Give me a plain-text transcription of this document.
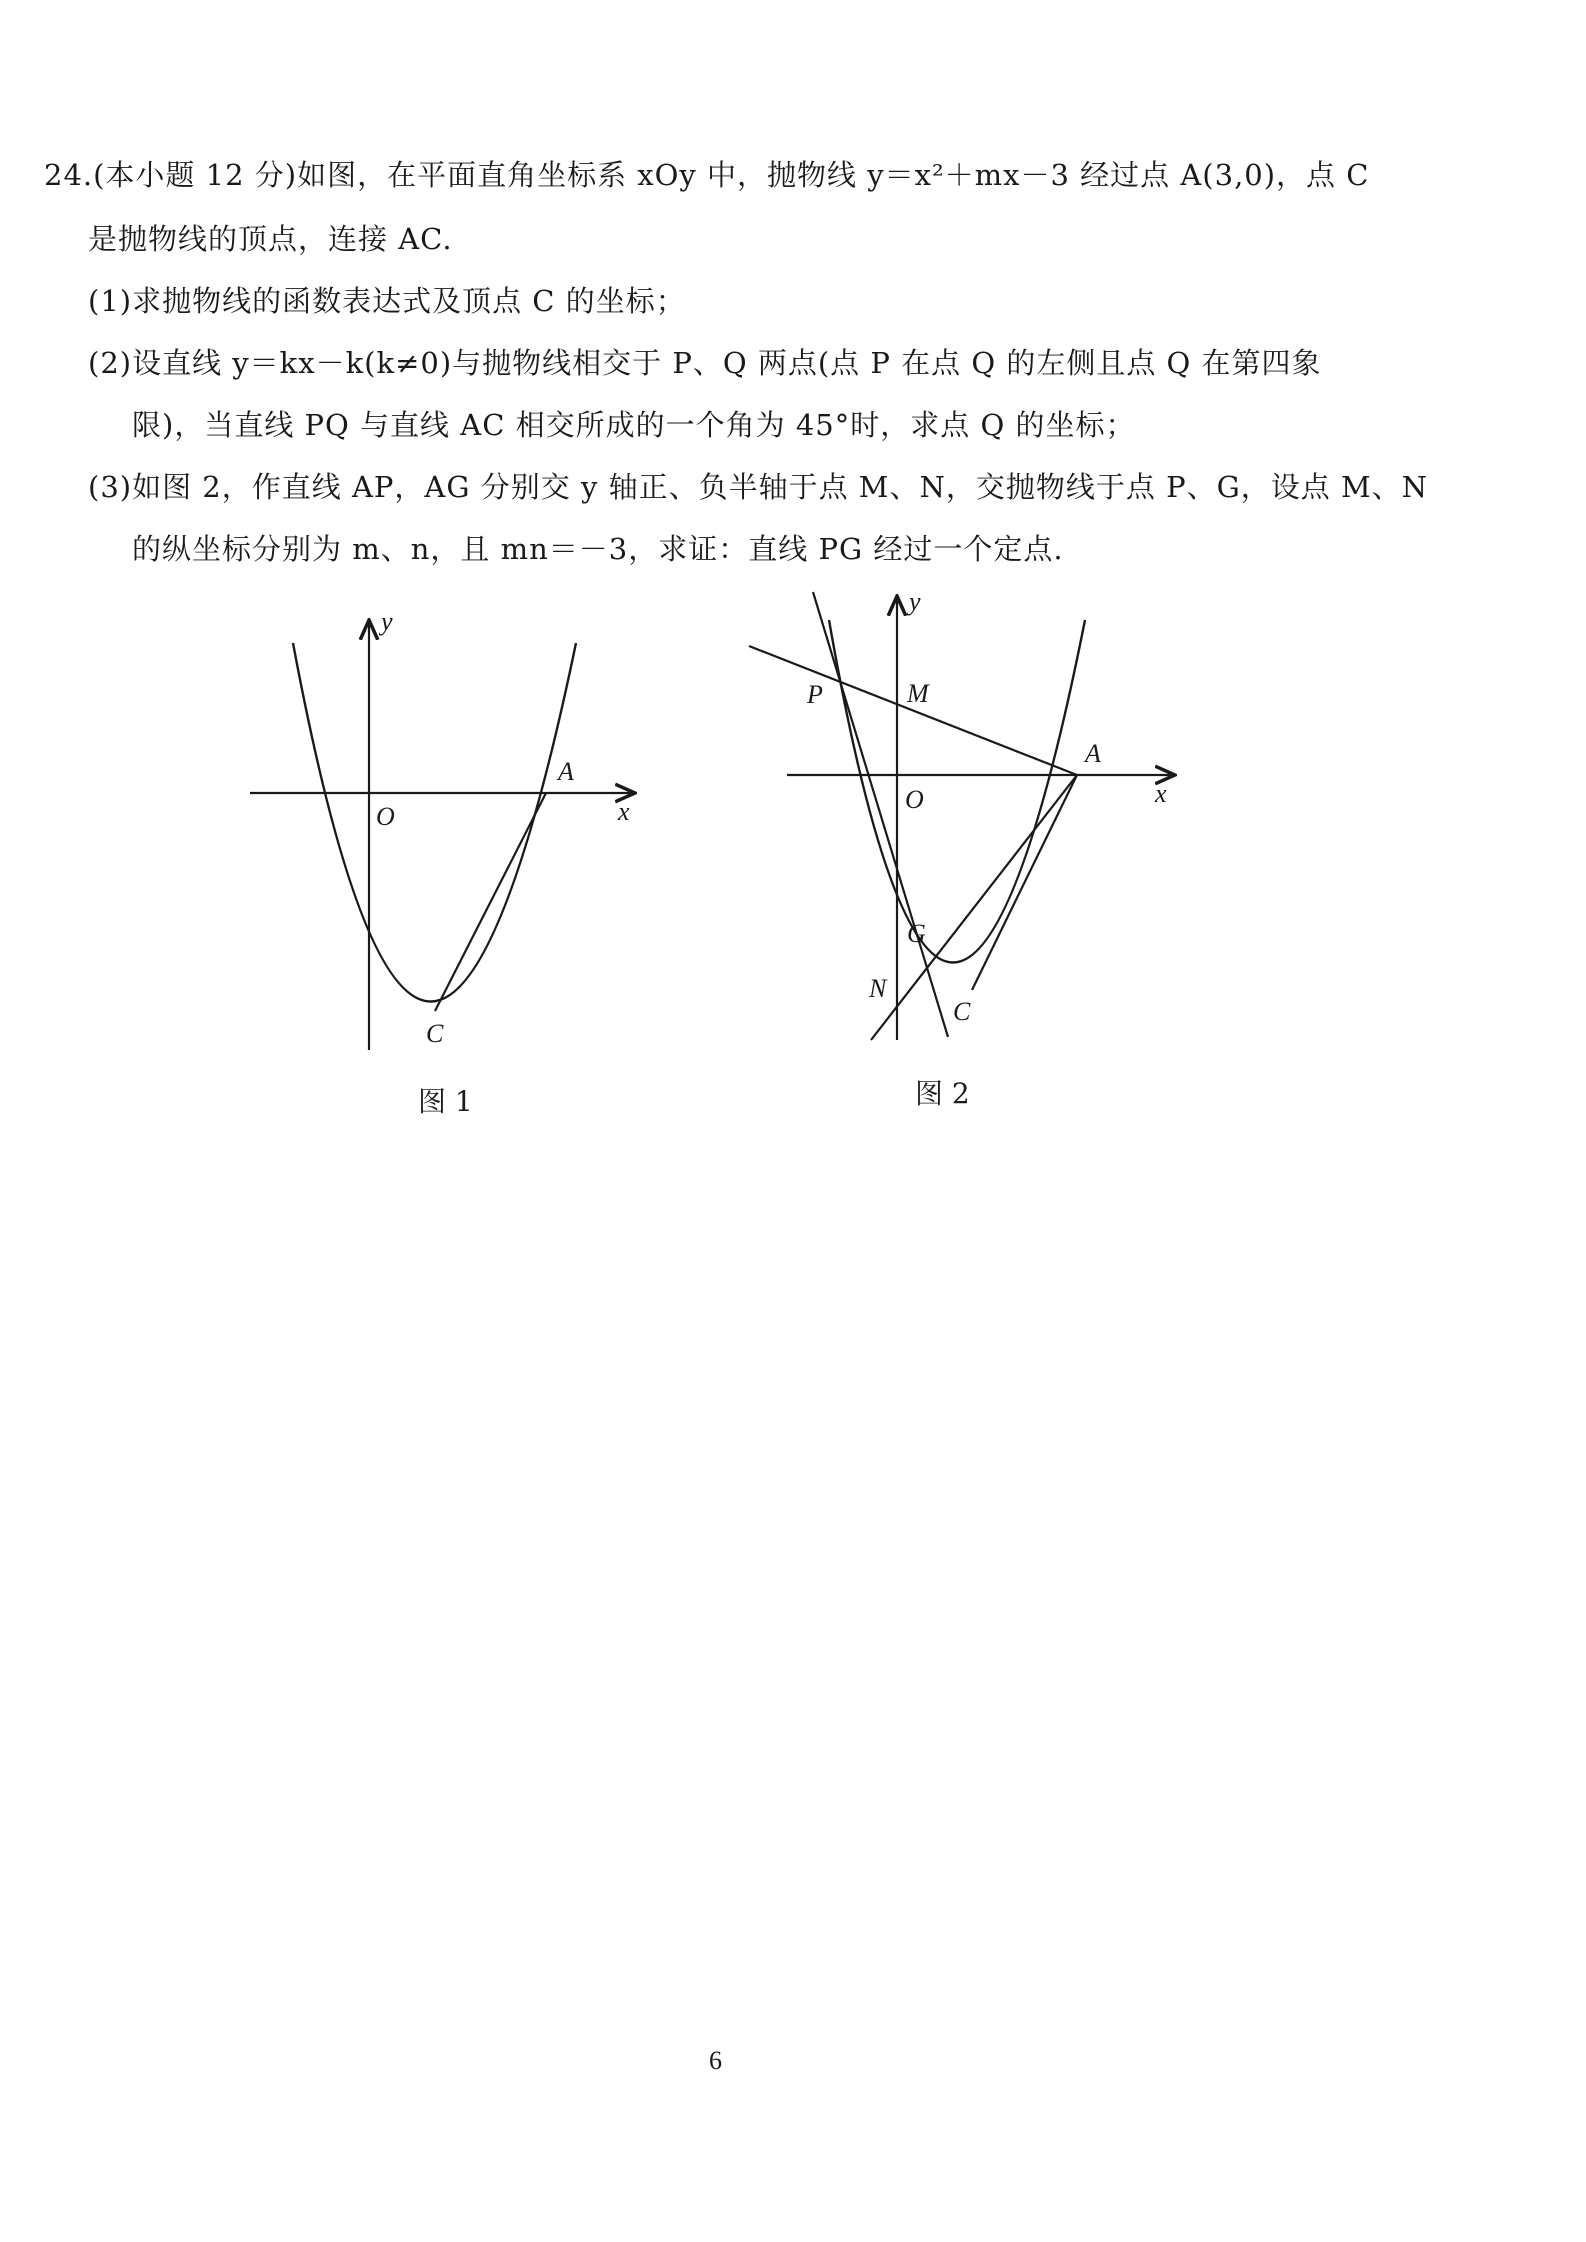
24.(本小题 12 分)如图，在平面直角坐标系 xOy 中，抛物线 y＝x²＋mx－3 经过点 A(3,0)，点 C
是抛物线的顶点，连接 AC.
(1)求抛物线的函数表达式及顶点 C 的坐标；
(2)设直线 y＝kx－k(k≠0)与抛物线相交于 P、Q 两点(点 P 在点 Q 的左侧且点 Q 在第四象
限)，当直线 PQ 与直线 AC 相交所成的一个角为 45°时，求点 Q 的坐标；
(3)如图 2，作直线 AP，AG 分别交 y 轴正、负半轴于点 M、N，交抛物线于点 P、G，设点 M、N
的纵坐标分别为 m、n，且 mn＝－3，求证：直线 PG 经过一个定点.
y
x
O
A
C
图 1
y
x
O
A
C
P	M
G
N
图 2
6
